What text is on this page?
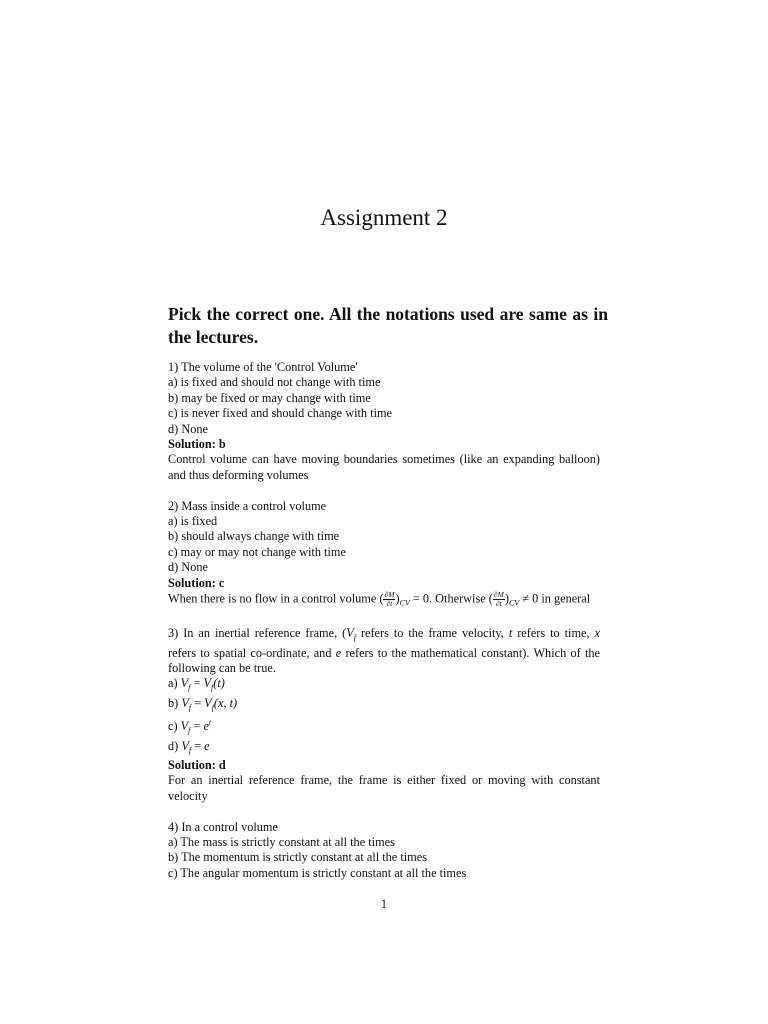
Assignment 2

Pick the correct one. All the notations used are same as in the lectures.

1) The volume of the 'Control Volume'
a) is fixed and should not change with time
b) may be fixed or may change with time
c) is never fixed and should change with time
d) None
Solution: b
Control volume can have moving boundaries sometimes (like an expanding balloon) and thus deforming volumes
2) Mass inside a control volume
a) is fixed
b) should always change with time
c) may or may not change with time
d) None
Solution: c
When there is no flow in a control volume ( $\frac{\partial M}{\partial t} )_{CV} = 0$. Otherwise ( $\frac{\partial M}{\partial t} )_{CV} \ne 0$ in general
3) In an inertial reference frame, ($V_f$ refers to the frame velocity, t refers to time, x refers to spatial co-ordinate, and e refers to the mathematical constant). Which of the following can be true.
a) $V_f = V_f(t)$
b) $V_f = V_f(x$, t)
c) $V_f = e^t$
d) $V_f = e$
Solution: d
For an inertial reference frame, the frame is either fixed or moving with constant velocity
4) In a control volume
a) The mass is strictly constant at all the times
b) The momentum is strictly constant at all the times
c) The angular momentum is strictly constant at all the times
1
